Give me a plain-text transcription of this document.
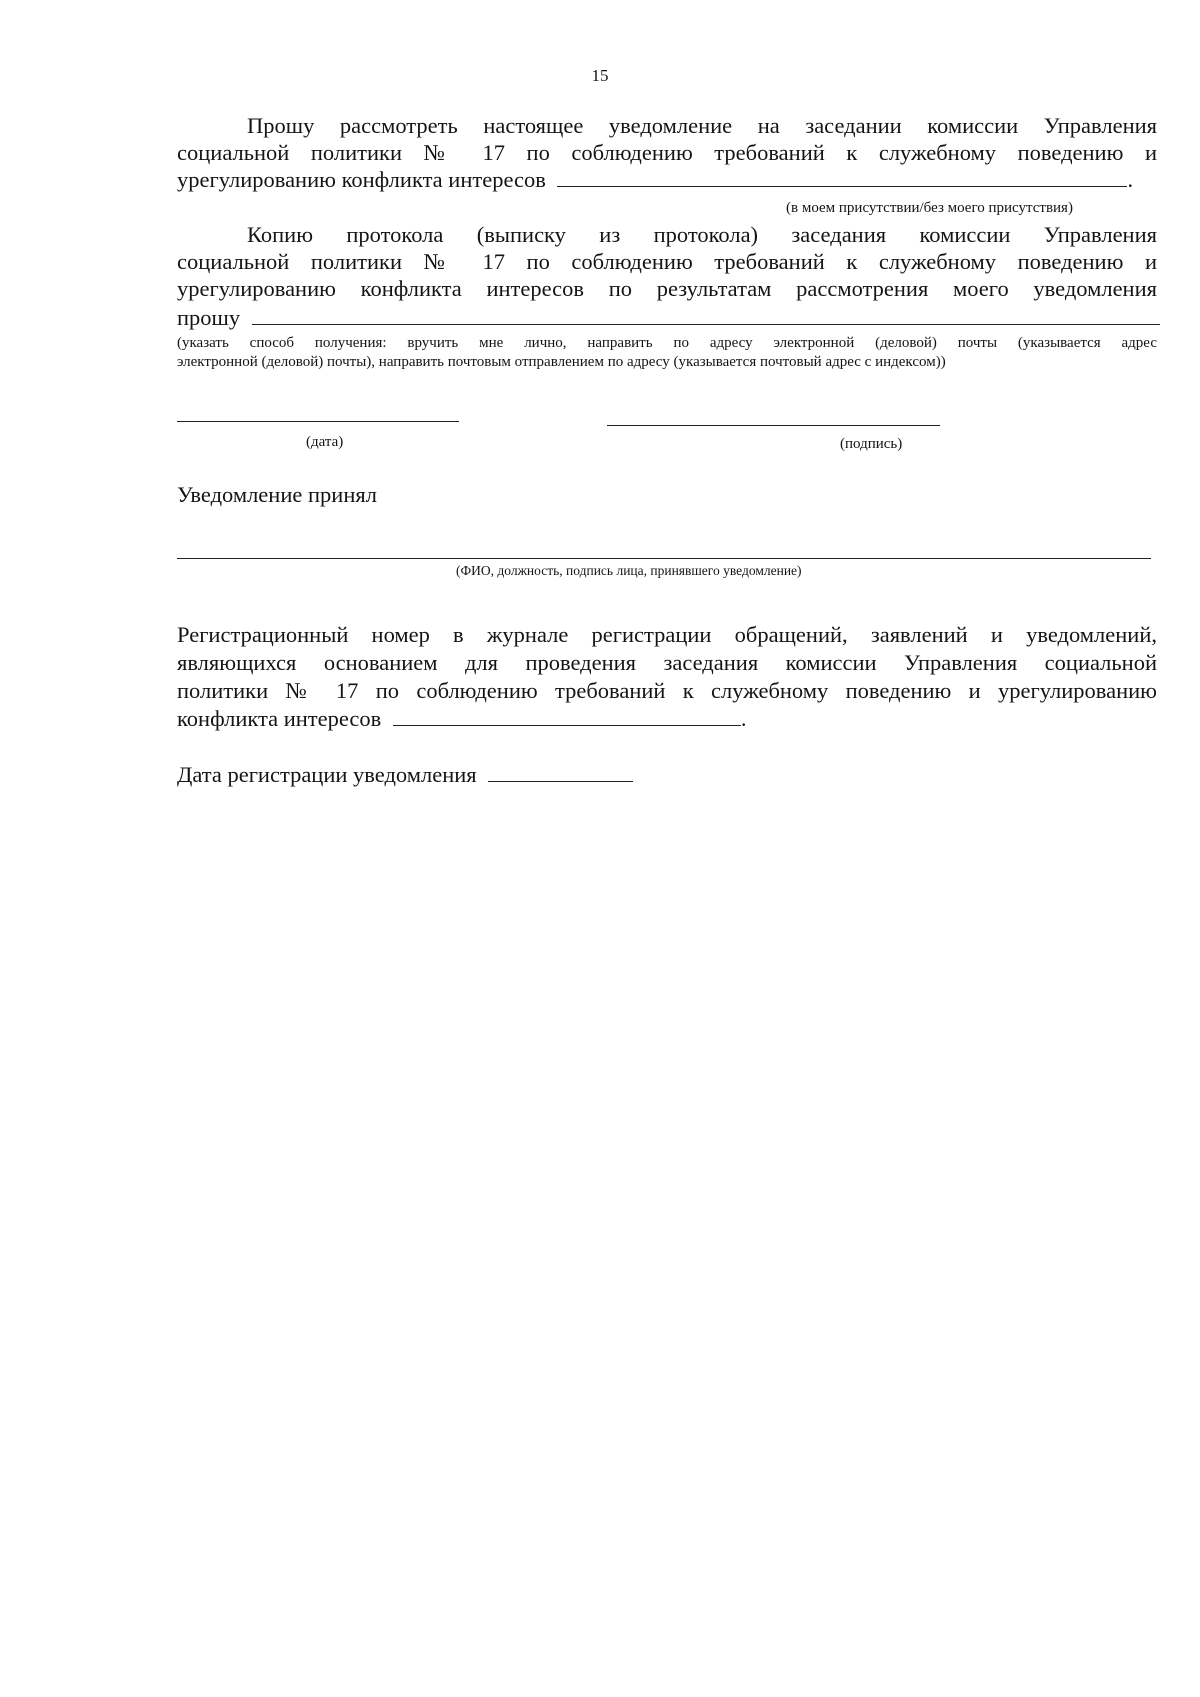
15
Прошу рассмотреть настоящее уведомление на заседании комиссии Управления
социальной политики № 17 по соблюдению требований к служебному поведению и
урегулированию конфликта интересов	.
(в моем присутствии/без моего присутствия)
Копию протокола (выписку из протокола) заседания комиссии Управления
социальной политики № 17 по соблюдению требований к служебному поведению и
урегулированию конфликта интересов по результатам рассмотрения моего уведомления
прошу
(указать способ получения: вручить мне лично, направить по адресу электронной (деловой) почты (указывается адрес
электронной (деловой) почты), направить почтовым отправлением по адресу (указывается почтовый адрес с индексом))
(дата)	(подпись)
Уведомление принял
(ФИО, должность, подпись лица, принявшего уведомление)
Регистрационный номер в журнале регистрации обращений, заявлений и уведомлений,
являющихся основанием для проведения заседания комиссии Управления социальной
политики № 17 по соблюдению требований к служебному поведению и урегулированию
конфликта интересов	.
Дата регистрации уведомления
